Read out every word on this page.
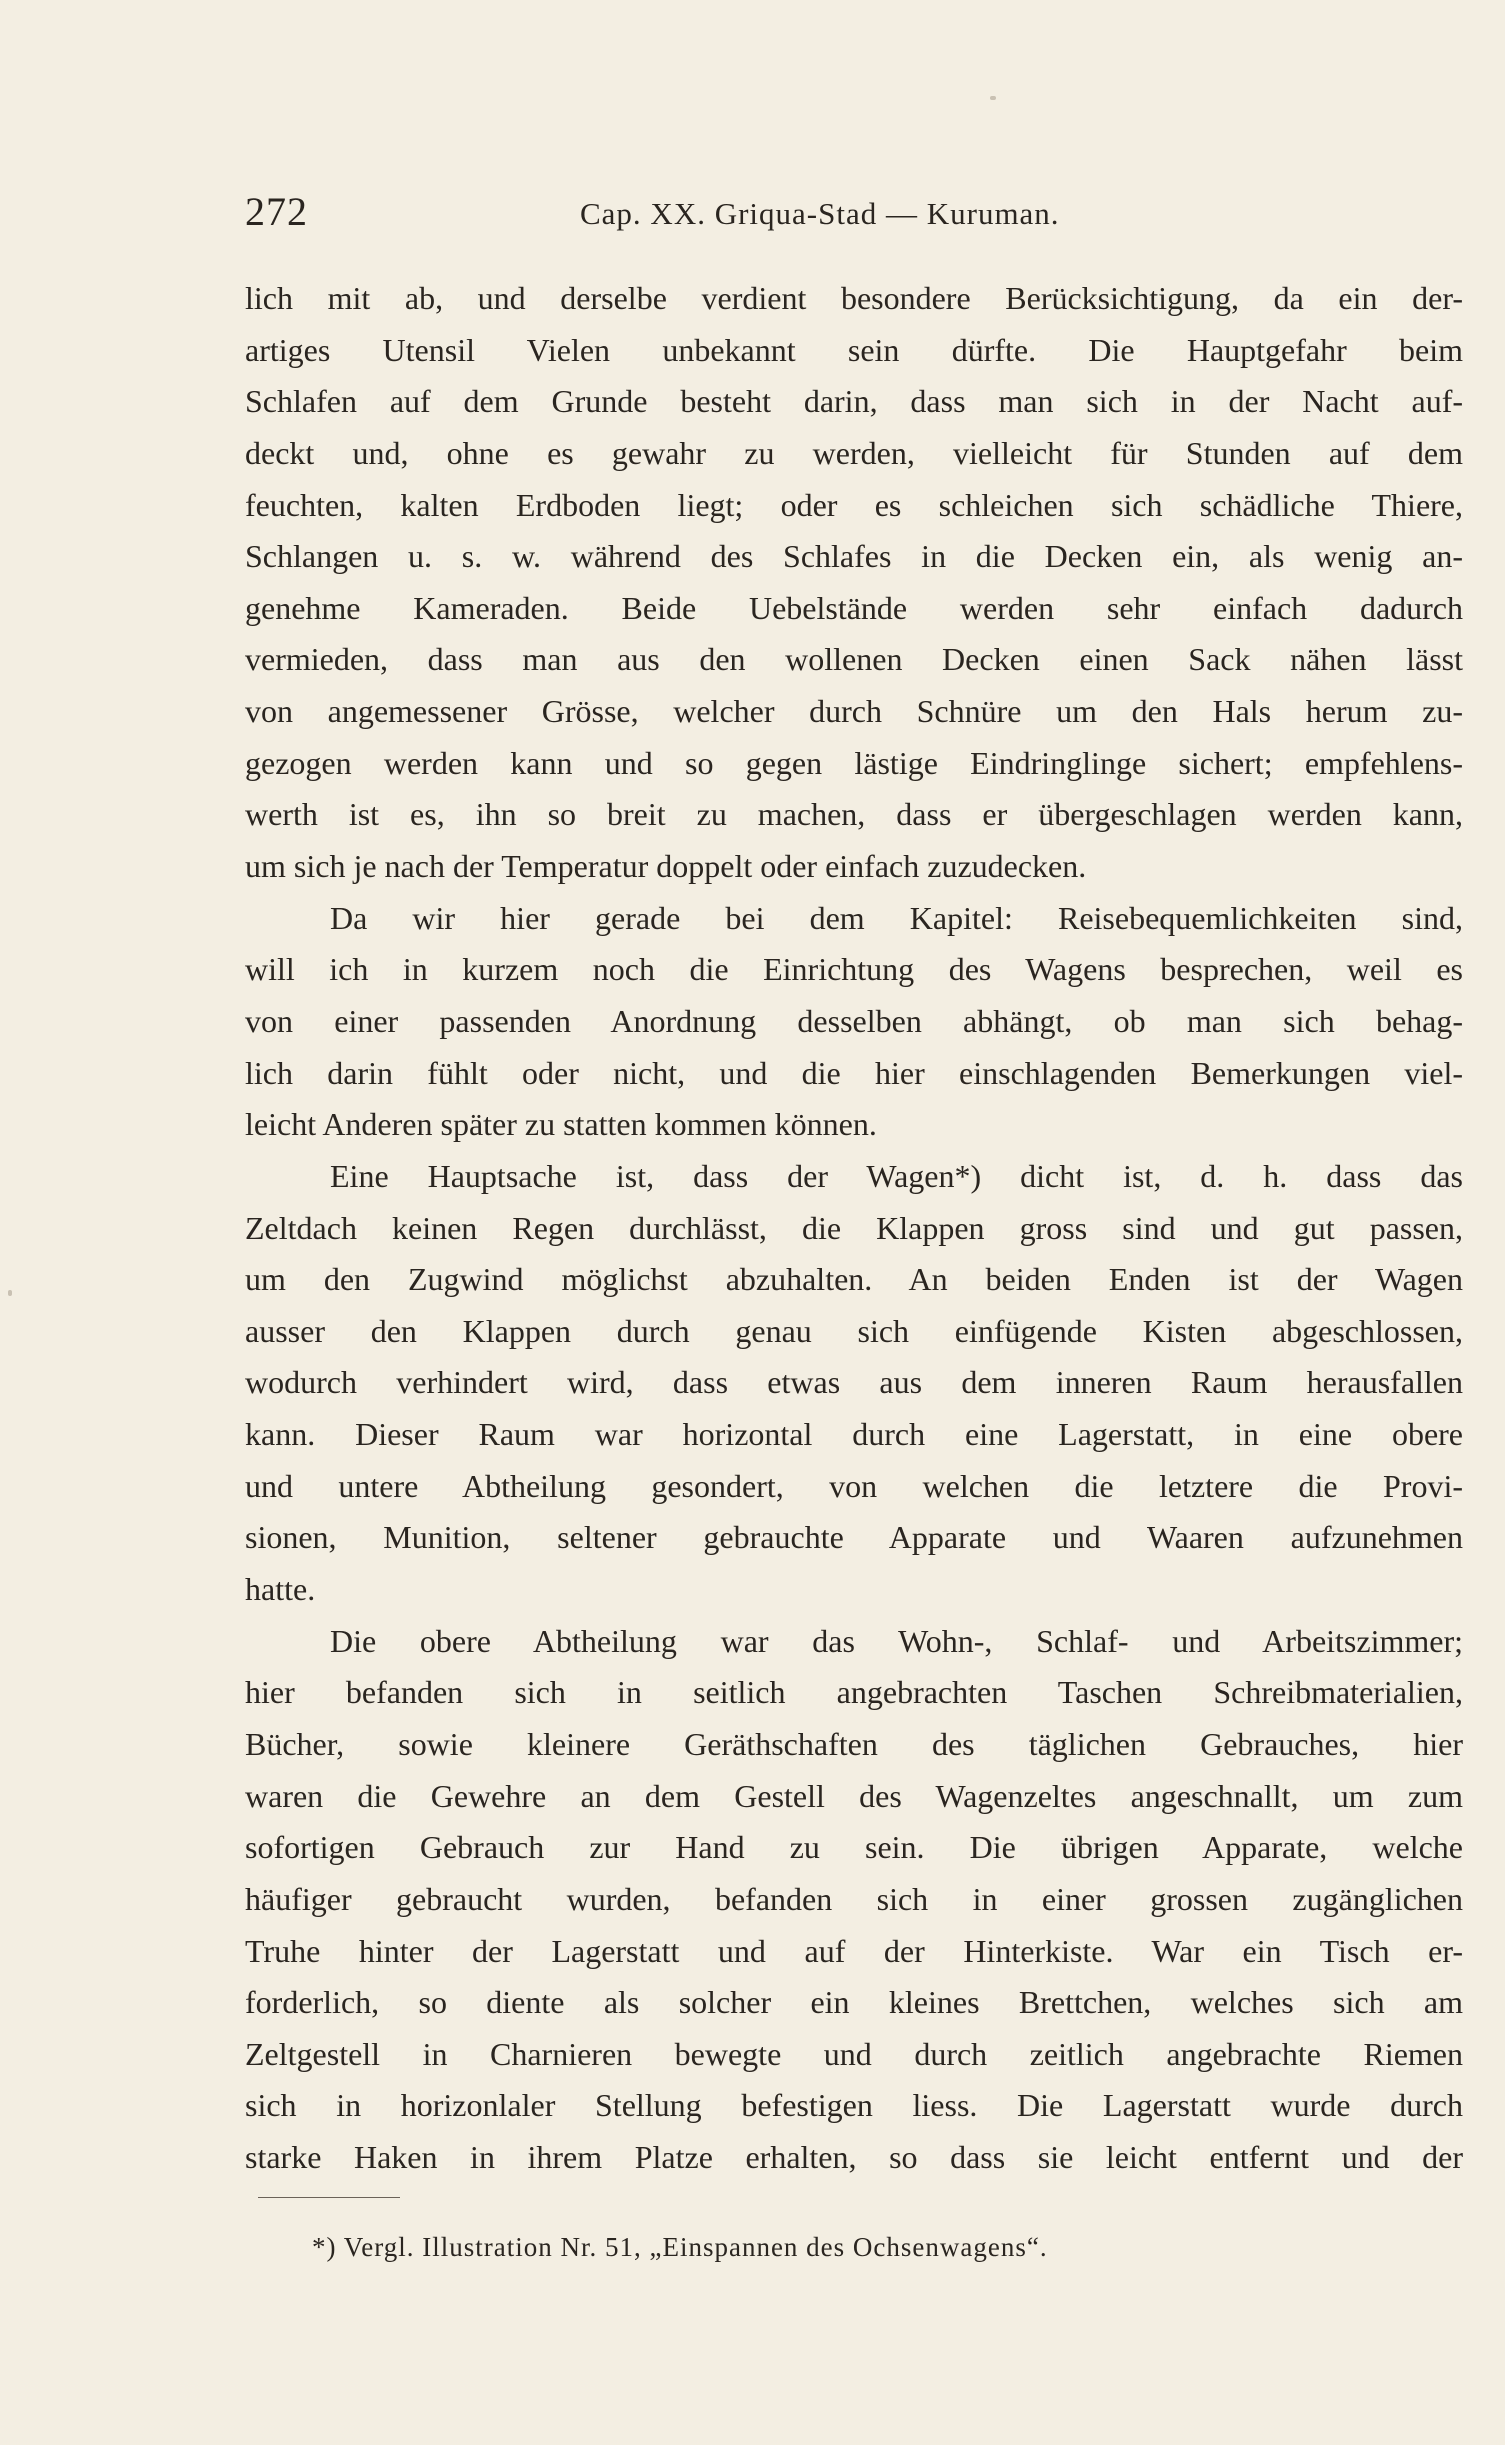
272	Cap. XX. Griqua-Stad — Kuruman.
lich mit ab, und derselbe verdient besondere Berücksichtigung, da ein der-
artiges Utensil Vielen unbekannt sein dürfte. Die Hauptgefahr beim
Schlafen auf dem Grunde besteht darin, dass man sich in der Nacht auf-
deckt und, ohne es gewahr zu werden, vielleicht für Stunden auf dem
feuchten, kalten Erdboden liegt; oder es schleichen sich schädliche Thiere,
Schlangen u. s. w. während des Schlafes in die Decken ein, als wenig an-
genehme Kameraden. Beide Uebelstände werden sehr einfach dadurch
vermieden, dass man aus den wollenen Decken einen Sack nähen lässt
von angemessener Grösse, welcher durch Schnüre um den Hals herum zu-
gezogen werden kann und so gegen lästige Eindringlinge sichert; empfehlens-
werth ist es, ihn so breit zu machen, dass er übergeschlagen werden kann,
um sich je nach der Temperatur doppelt oder einfach zuzudecken.
Da wir hier gerade bei dem Kapitel: Reisebequemlichkeiten sind,
will ich in kurzem noch die Einrichtung des Wagens besprechen, weil es
von einer passenden Anordnung desselben abhängt, ob man sich behag-
lich darin fühlt oder nicht, und die hier einschlagenden Bemerkungen viel-
leicht Anderen später zu statten kommen können.
Eine Hauptsache ist, dass der Wagen*) dicht ist, d. h. dass das
Zeltdach keinen Regen durchlässt, die Klappen gross sind und gut passen,
um den Zugwind möglichst abzuhalten. An beiden Enden ist der Wagen
ausser den Klappen durch genau sich einfügende Kisten abgeschlossen,
wodurch verhindert wird, dass etwas aus dem inneren Raum herausfallen
kann. Dieser Raum war horizontal durch eine Lagerstatt, in eine obere
und untere Abtheilung gesondert, von welchen die letztere die Provi-
sionen, Munition, seltener gebrauchte Apparate und Waaren aufzunehmen
hatte.
Die obere Abtheilung war das Wohn-, Schlaf- und Arbeitszimmer;
hier befanden sich in seitlich angebrachten Taschen Schreibmaterialien,
Bücher, sowie kleinere Geräthschaften des täglichen Gebrauches, hier
waren die Gewehre an dem Gestell des Wagenzeltes angeschnallt, um zum
sofortigen Gebrauch zur Hand zu sein. Die übrigen Apparate, welche
häufiger gebraucht wurden, befanden sich in einer grossen zugänglichen
Truhe hinter der Lagerstatt und auf der Hinterkiste. War ein Tisch er-
forderlich, so diente als solcher ein kleines Brettchen, welches sich am
Zeltgestell in Charnieren bewegte und durch zeitlich angebrachte Riemen
sich in horizonlaler Stellung befestigen liess. Die Lagerstatt wurde durch
starke Haken in ihrem Platze erhalten, so dass sie leicht entfernt und der
*) Vergl. Illustration Nr. 51, „Einspannen des Ochsenwagens“.
